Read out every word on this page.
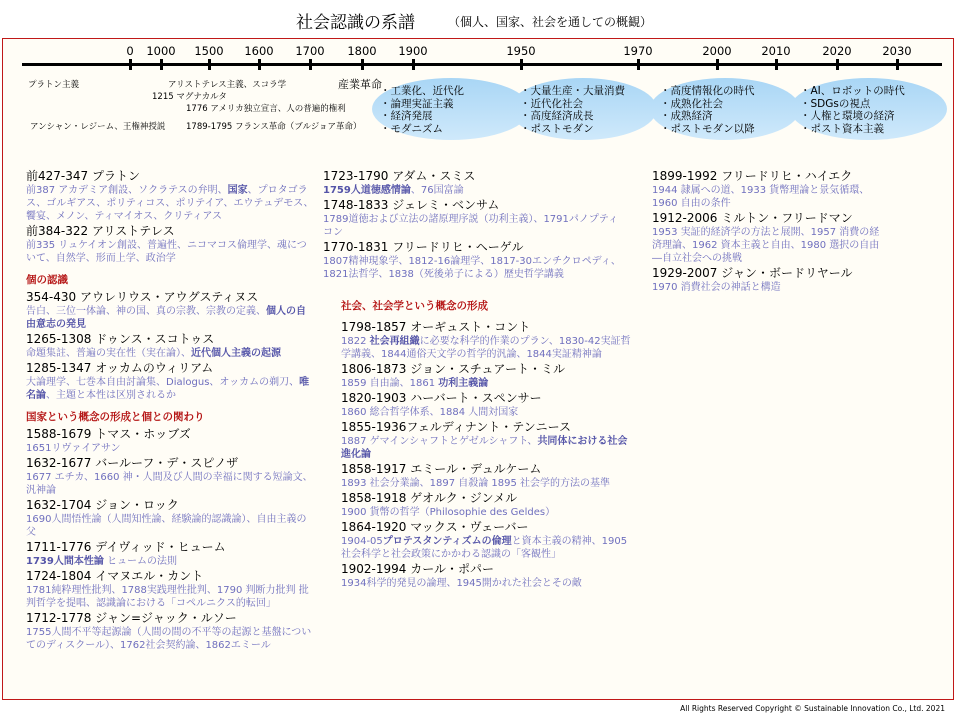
社会認識の系譜	（個人、国家、社会を通しての概観）
0 1000 1500 1600 1700 1800 1900	1950	1970	2000	2010	2020	2030
プラトン主義	アリストテレス主義、スコラ学
1215 マグナカルタ
1776 アメリカ独立宣言、人の普遍的権利
アンシャン・レジーム、王権神授説 1789-1795 フランス革命（ブルジョア革命）
産業革命
・工業化、近代化
・論理実証主義
・経済発展
・モダニズム
・大量生産・大量消費
・近代化社会
・高度経済成長
・ポストモダン
・高度情報化の時代
・成熟化社会
・成熟経済
・ポストモダン以降
・AI、ロボットの時代
・SDGsの視点
・人権と環境の経済
・ポスト資本主義
前427-347 プラトン
前387 アカデミア創設、ソクラテスの弁明、国家、プロタゴラス、ゴルギアス、ポリティコス、ポリテイア、エウテュデモス、饗宴、メノン、ティマイオス、クリティアス
前384-322 アリストテレス
前335 リュケイオン創設、普遍性、ニコマコス倫理学、魂について、自然学、形而上学、政治学
個の認識
354-430 アウレリウス・アウグスティヌス
告白、三位一体論、神の国、真の宗教、宗教の定義、個人の自由意志の発見
1265-1308 ドゥンス・スコトゥス
命題集註、普遍の実在性（実在論）、近代個人主義の起源
1285-1347 オッカムのウィリアム
大論理学、七巻本自由討論集、Dialogus、オッカムの剃刀、唯名論、主題と本性は区別されるか
国家という概念の形成と個との関わり
1588-1679 トマス・ホッブズ
1651リヴァイアサン
1632-1677 バールーフ・デ・スピノザ
1677 エチカ、1660 神・人間及び人間の幸福に関する短論文、汎神論
1632-1704 ジョン・ロック
1690人間悟性論（人間知性論、経験論的認識論）、自由主義の父
1711-1776 デイヴィッド・ヒューム
1739人間本性論 ヒュームの法則
1724-1804 イマヌエル・カント
1781純粋理性批判、1788実践理性批判、1790 判断力批判 批判哲学を提唱、認識論における「コペルニクス的転回」
1712-1778 ジャン=ジャック・ルソー
1755人間不平等起源論（人間の間の不平等の起源と基盤についてのディスクール）、1762社会契約論、1862エミール
1723-1790 アダム・スミス
1759人道徳感情論、76国富論
1748-1833 ジェレミ・ベンサム
1789道徳および立法の諸原理序説（功利主義）、1791パノプティコン
1770-1831 フリードリヒ・ヘーゲル
1807精神現象学、1812-16論理学、1817-30エンチクロペディ、1821法哲学、1838（死後弟子による）歴史哲学講義
社会、社会学という概念の形成
1798-1857 オーギュスト・コント
1822 社会再組織に必要な科学的作業のプラン、1830-42実証哲学講義、1844通俗天文学の哲学的汎論、1844実証精神論
1806-1873 ジョン・スチュアート・ミル
1859 自由論、1861 功利主義論
1820-1903 ハーバート・スペンサー
1860 総合哲学体系、1884 人間対国家
1855-1936フェルディナント・テンニース
1887 ゲマインシャフトとゲゼルシャフト、共同体における社会進化論
1858-1917 エミール・デュルケーム
1893 社会分業論、1897 自殺論 1895 社会学的方法の基準
1858-1918 ゲオルク・ジンメル
1900 貨幣の哲学（Philosophie des Geldes）
1864-1920 マックス・ヴェーバー
1904-05プロテスタンティズムの倫理と資本主義の精神、1905 社会科学と社会政策にかかわる認識の「客観性」
1902-1994 カール・ポパー
1934科学的発見の論理、1945開かれた社会とその敵
1899-1992 フリードリヒ・ハイエク
1944 隷属への道、1933 貨幣理論と景気循環、1960 自由の条件
1912-2006 ミルトン・フリードマン
1953 実証的経済学の方法と展開、1957 消費の経済理論、1962 資本主義と自由、1980 選択の自由―自立社会への挑戦
1929-2007 ジャン・ボードリヤール
1970 消費社会の神話と構造
All Rights Reserved Copyright © Sustainable Innovation Co., Ltd. 2021
